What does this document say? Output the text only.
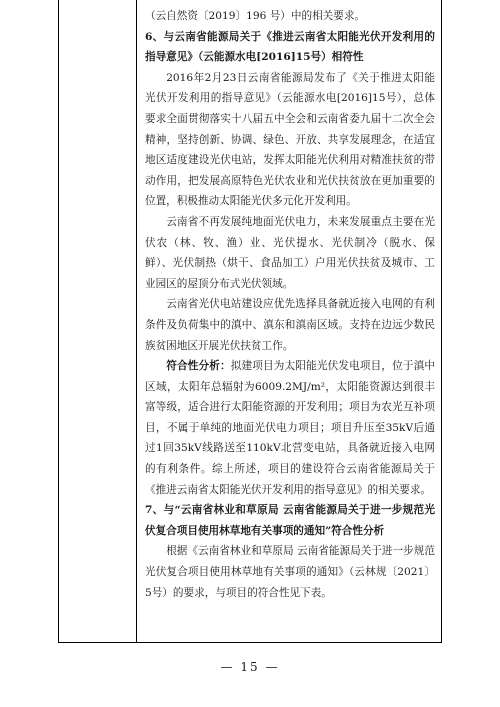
（云自然资〔2019〕196 号）中的相关要求。

6、与云南省能源局关于《推进云南省太阳能光伏开发利用的指导意见》（云能源水电[2016]15号）相符性

2016年2月23日云南省能源局发布了《关于推进太阳能光伏开发利用的指导意见》（云能源水电[2016]15号），总体要求全面贯彻落实十八届五中全会和云南省委九届十二次全会精神，坚持创新、协调、绿色、开放、共享发展理念，在适宜地区适度建设光伏电站，发挥太阳能光伏利用对精准扶贫的带动作用，把发展高原特色光伏农业和光伏扶贫放在更加重要的位置，积极推动太阳能光伏多元化开发利用。

云南省不再发展纯地面光伏电力，未来发展重点主要在光伏农（林、牧、渔）业、光伏提水、光伏制冷（脱水、保鲜）、光伏制热（烘干、食品加工）户用光伏扶贫及城市、工业园区的屋顶分布式光伏领域。

云南省光伏电站建设应优先选择具备就近接入电网的有利条件及负荷集中的滇中、滇东和滇南区域。支持在边远少数民族贫困地区开展光伏扶贫工作。

符合性分析：拟建项目为太阳能光伏发电项目，位于滇中区域，太阳年总辐射为6009.2MJ/m²，太阳能资源达到很丰富等级，适合进行太阳能资源的开发利用；项目为农光互补项目，不属于单纯的地面光伏电力项目；项目升压至35kV后通过1回35kV线路送至110kV北营变电站，具备就近接入电网的有利条件。综上所述，项目的建设符合云南省能源局关于《推进云南省太阳能光伏开发利用的指导意见》的相关要求。

7、与“云南省林业和草原局 云南省能源局关于进一步规范光伏复合项目使用林草地有关事项的通知”符合性分析

根据《云南省林业和草原局 云南省能源局关于进一步规范光伏复合项目使用林草地有关事项的通知》（云林规〔2021〕5号）的要求，与项目的符合性见下表。

— 15 —
